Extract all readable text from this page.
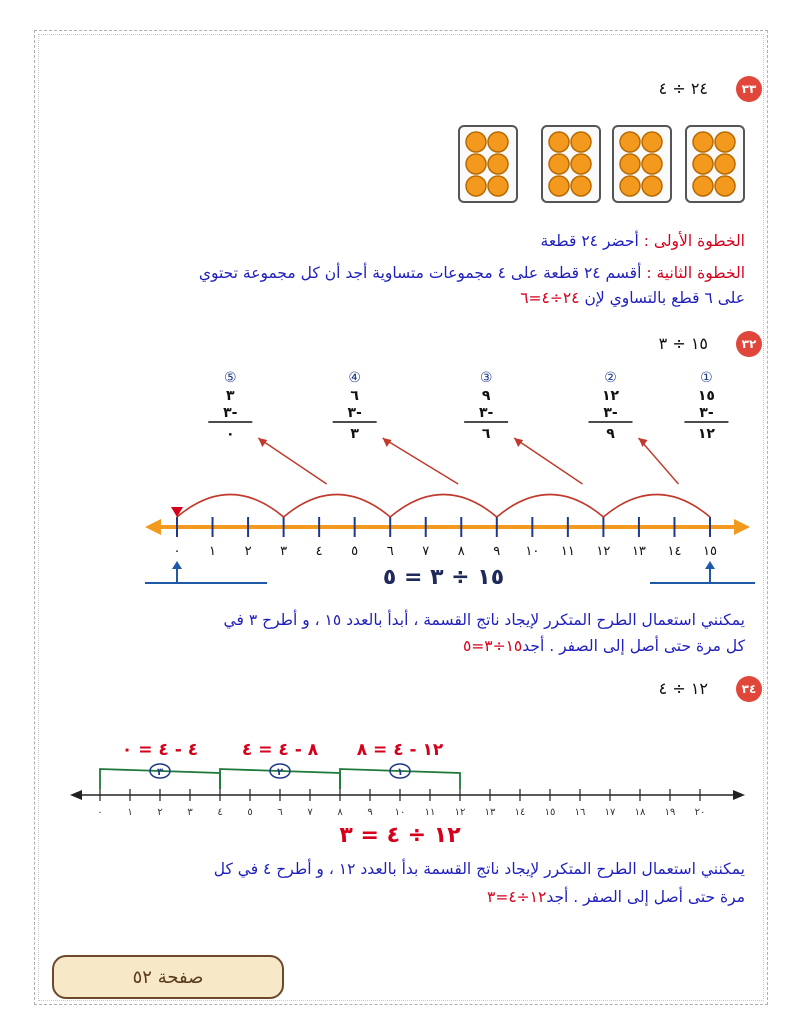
٣٣
٢٤ ÷ ٤
الخطوة الأولى : أحضر ٢٤ قطعة
الخطوة الثانية : أقسم ٢٤ قطعة على ٤ مجموعات متساوية أجد أن كل مجموعة تحتوي
على ٦ قطع بالتساوي لإن ٢٤÷٤=٦
٣٢
١٥ ÷ ٣
٠ ١ ٢ ٣ ٤ ٥ ٦ ٧ ٨ ٩ ١٠ ١١ ١٢ ١٣ ١٤ ١٥
⑤
٣
٣-
٠
④
٦
٣-
٣
③
٩
٣-
٦
②
١٢
٣-
٩
①
١٥
٣-
١٢
١٥ ÷ ٣ = ٥
يمكنني استعمال الطرح المتكرر لإيجاد ناتج القسمة ، أبدأ بالعدد ١٥ ، و أطرح ٣ في
كل مرة حتى أصل إلى الصفر . أجد١٥÷٣=٥
٣٤
١٢ ÷ ٤
٠ ١ ٢ ٣ ٤ ٥ ٦ ٧ ٨ ٩ ١٠ ١١ ١٢ ١٣ ١٤ ١٥ ١٦ ١٧ ١٨ ١٩ ٢٠
٣
٤ - ٤ = ٠
٢
٨ - ٤ = ٤
١
١٢ - ٤ = ٨
١٢ ÷ ٤ = ٣
يمكنني استعمال الطرح المتكرر لإيجاد ناتج القسمة بدأ بالعدد ١٢ ، و أطرح ٤ في كل
مرة حتى أصل إلى الصفر . أجد١٢÷٤=٣
صفحة ٥٢
